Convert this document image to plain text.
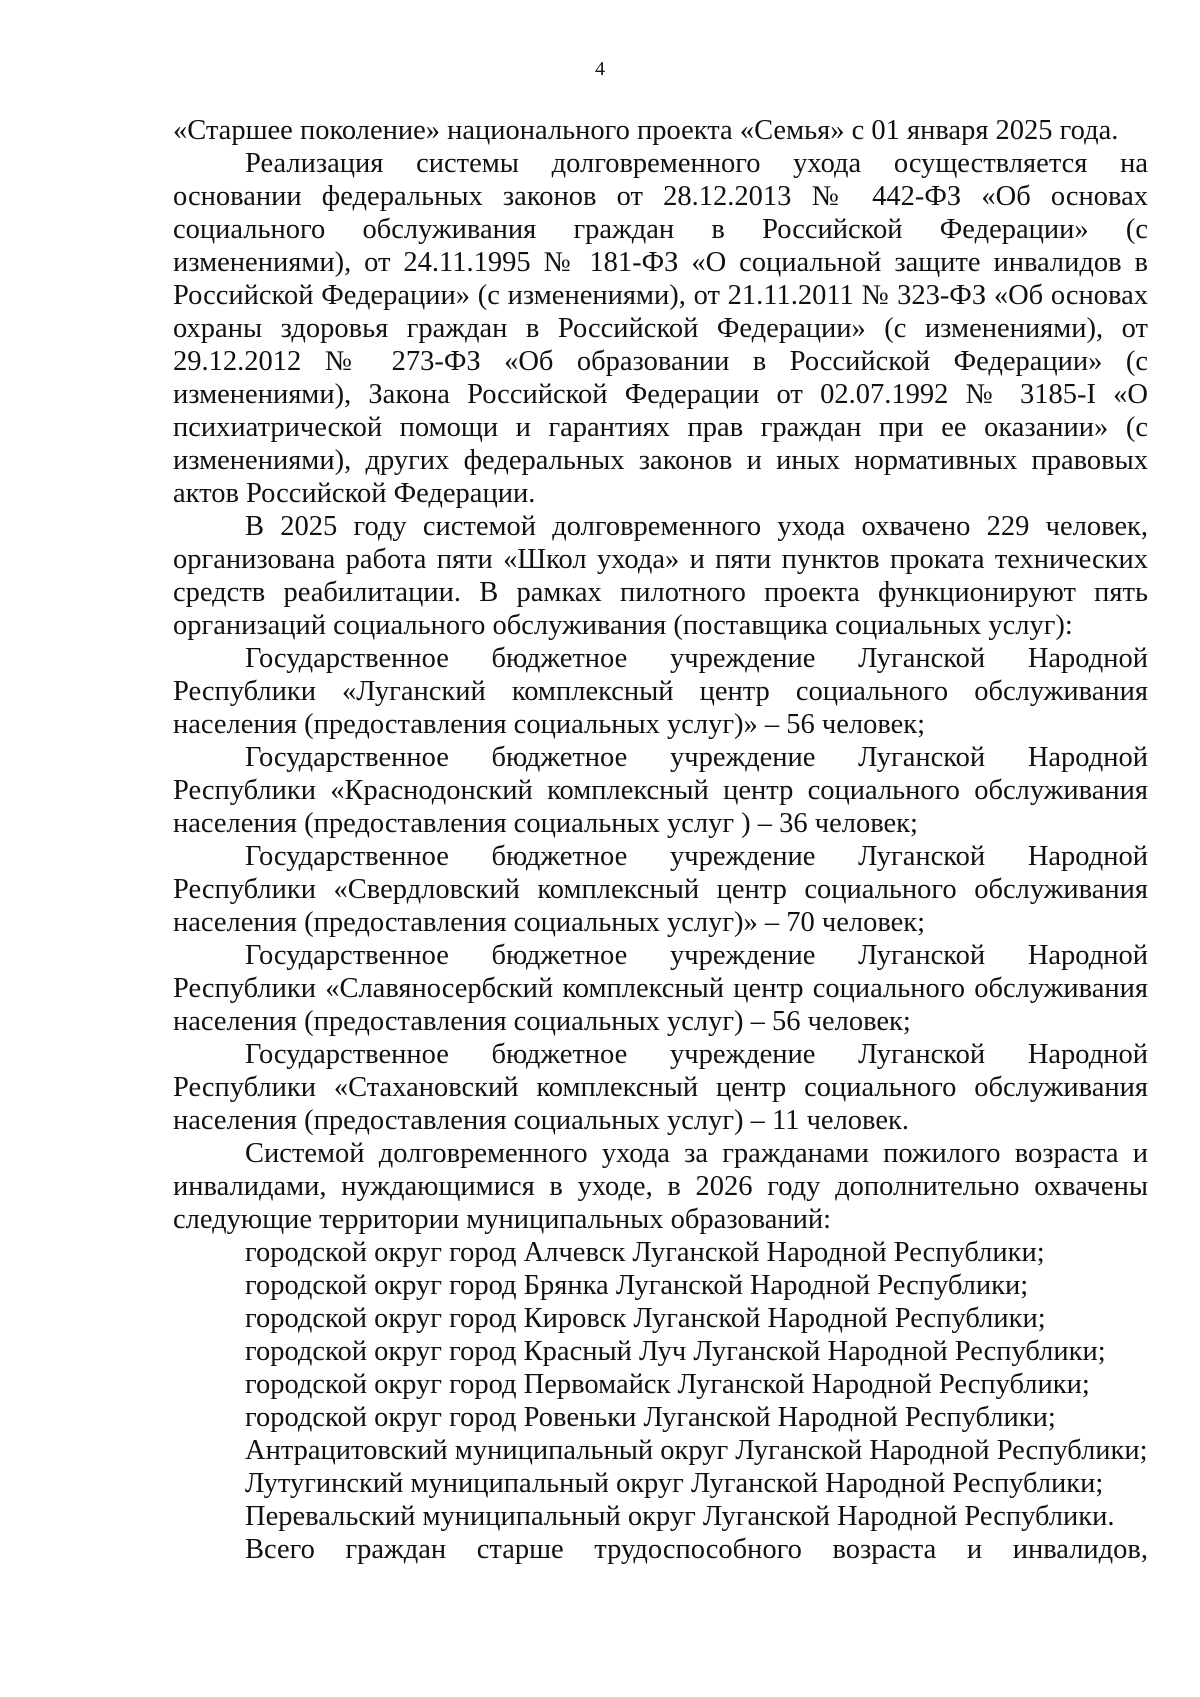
4

«Старшее поколение» национального проекта «Семья» с 01 января 2025 года.

Реализация системы долговременного ухода осуществляется на основании федеральных законов от 28.12.2013 № 442-ФЗ «Об основах социального обслуживания граждан в Российской Федерации» (с изменениями), от 24.11.1995 № 181-ФЗ «О социальной защите инвалидов в Российской Федерации» (с изменениями), от 21.11.2011 № 323-ФЗ «Об основах охраны здоровья граждан в Российской Федерации» (с изменениями), от 29.12.2012 № 273-ФЗ «Об образовании в Российской Федерации» (с изменениями), Закона Российской Федерации от 02.07.1992 № 3185-I «О психиатрической помощи и гарантиях прав граждан при ее оказании» (с изменениями), других федеральных законов и иных нормативных правовых актов Российской Федерации.

В 2025 году системой долговременного ухода охвачено 229 человек, организована работа пяти «Школ ухода» и пяти пунктов проката технических средств реабилитации. В рамках пилотного проекта функционируют пять организаций социального обслуживания (поставщика социальных услуг):

Государственное бюджетное учреждение Луганской Народной Республики «Луганский комплексный центр социального обслуживания населения (предоставления социальных услуг)» – 56 человек;

Государственное бюджетное учреждение Луганской Народной Республики «Краснодонский комплексный центр социального обслуживания населения (предоставления социальных услуг ) – 36 человек;

Государственное бюджетное учреждение Луганской Народной Республики «Свердловский комплексный центр социального обслуживания населения (предоставления социальных услуг)» – 70 человек;

Государственное бюджетное учреждение Луганской Народной Республики «Славяносербский комплексный центр социального обслуживания населения (предоставления социальных услуг) – 56 человек;

Государственное бюджетное учреждение Луганской Народной Республики «Стахановский комплексный центр социального обслуживания населения (предоставления социальных услуг) – 11 человек.

Системой долговременного ухода за гражданами пожилого возраста и инвалидами, нуждающимися в уходе, в 2026 году дополнительно охвачены следующие территории муниципальных образований:

городской округ город Алчевск Луганской Народной Республики;

городской округ город Брянка Луганской Народной Республики;

городской округ город Кировск Луганской Народной Республики;

городской округ город Красный Луч Луганской Народной Республики;

городской округ город Первомайск Луганской Народной Республики;

городской округ город Ровеньки Луганской Народной Республики;

Антрацитовский муниципальный округ Луганской Народной Республики;

Лутугинский муниципальный округ Луганской Народной Республики;

Перевальский муниципальный округ Луганской Народной Республики.

Всего граждан старше трудоспособного возраста и инвалидов,
